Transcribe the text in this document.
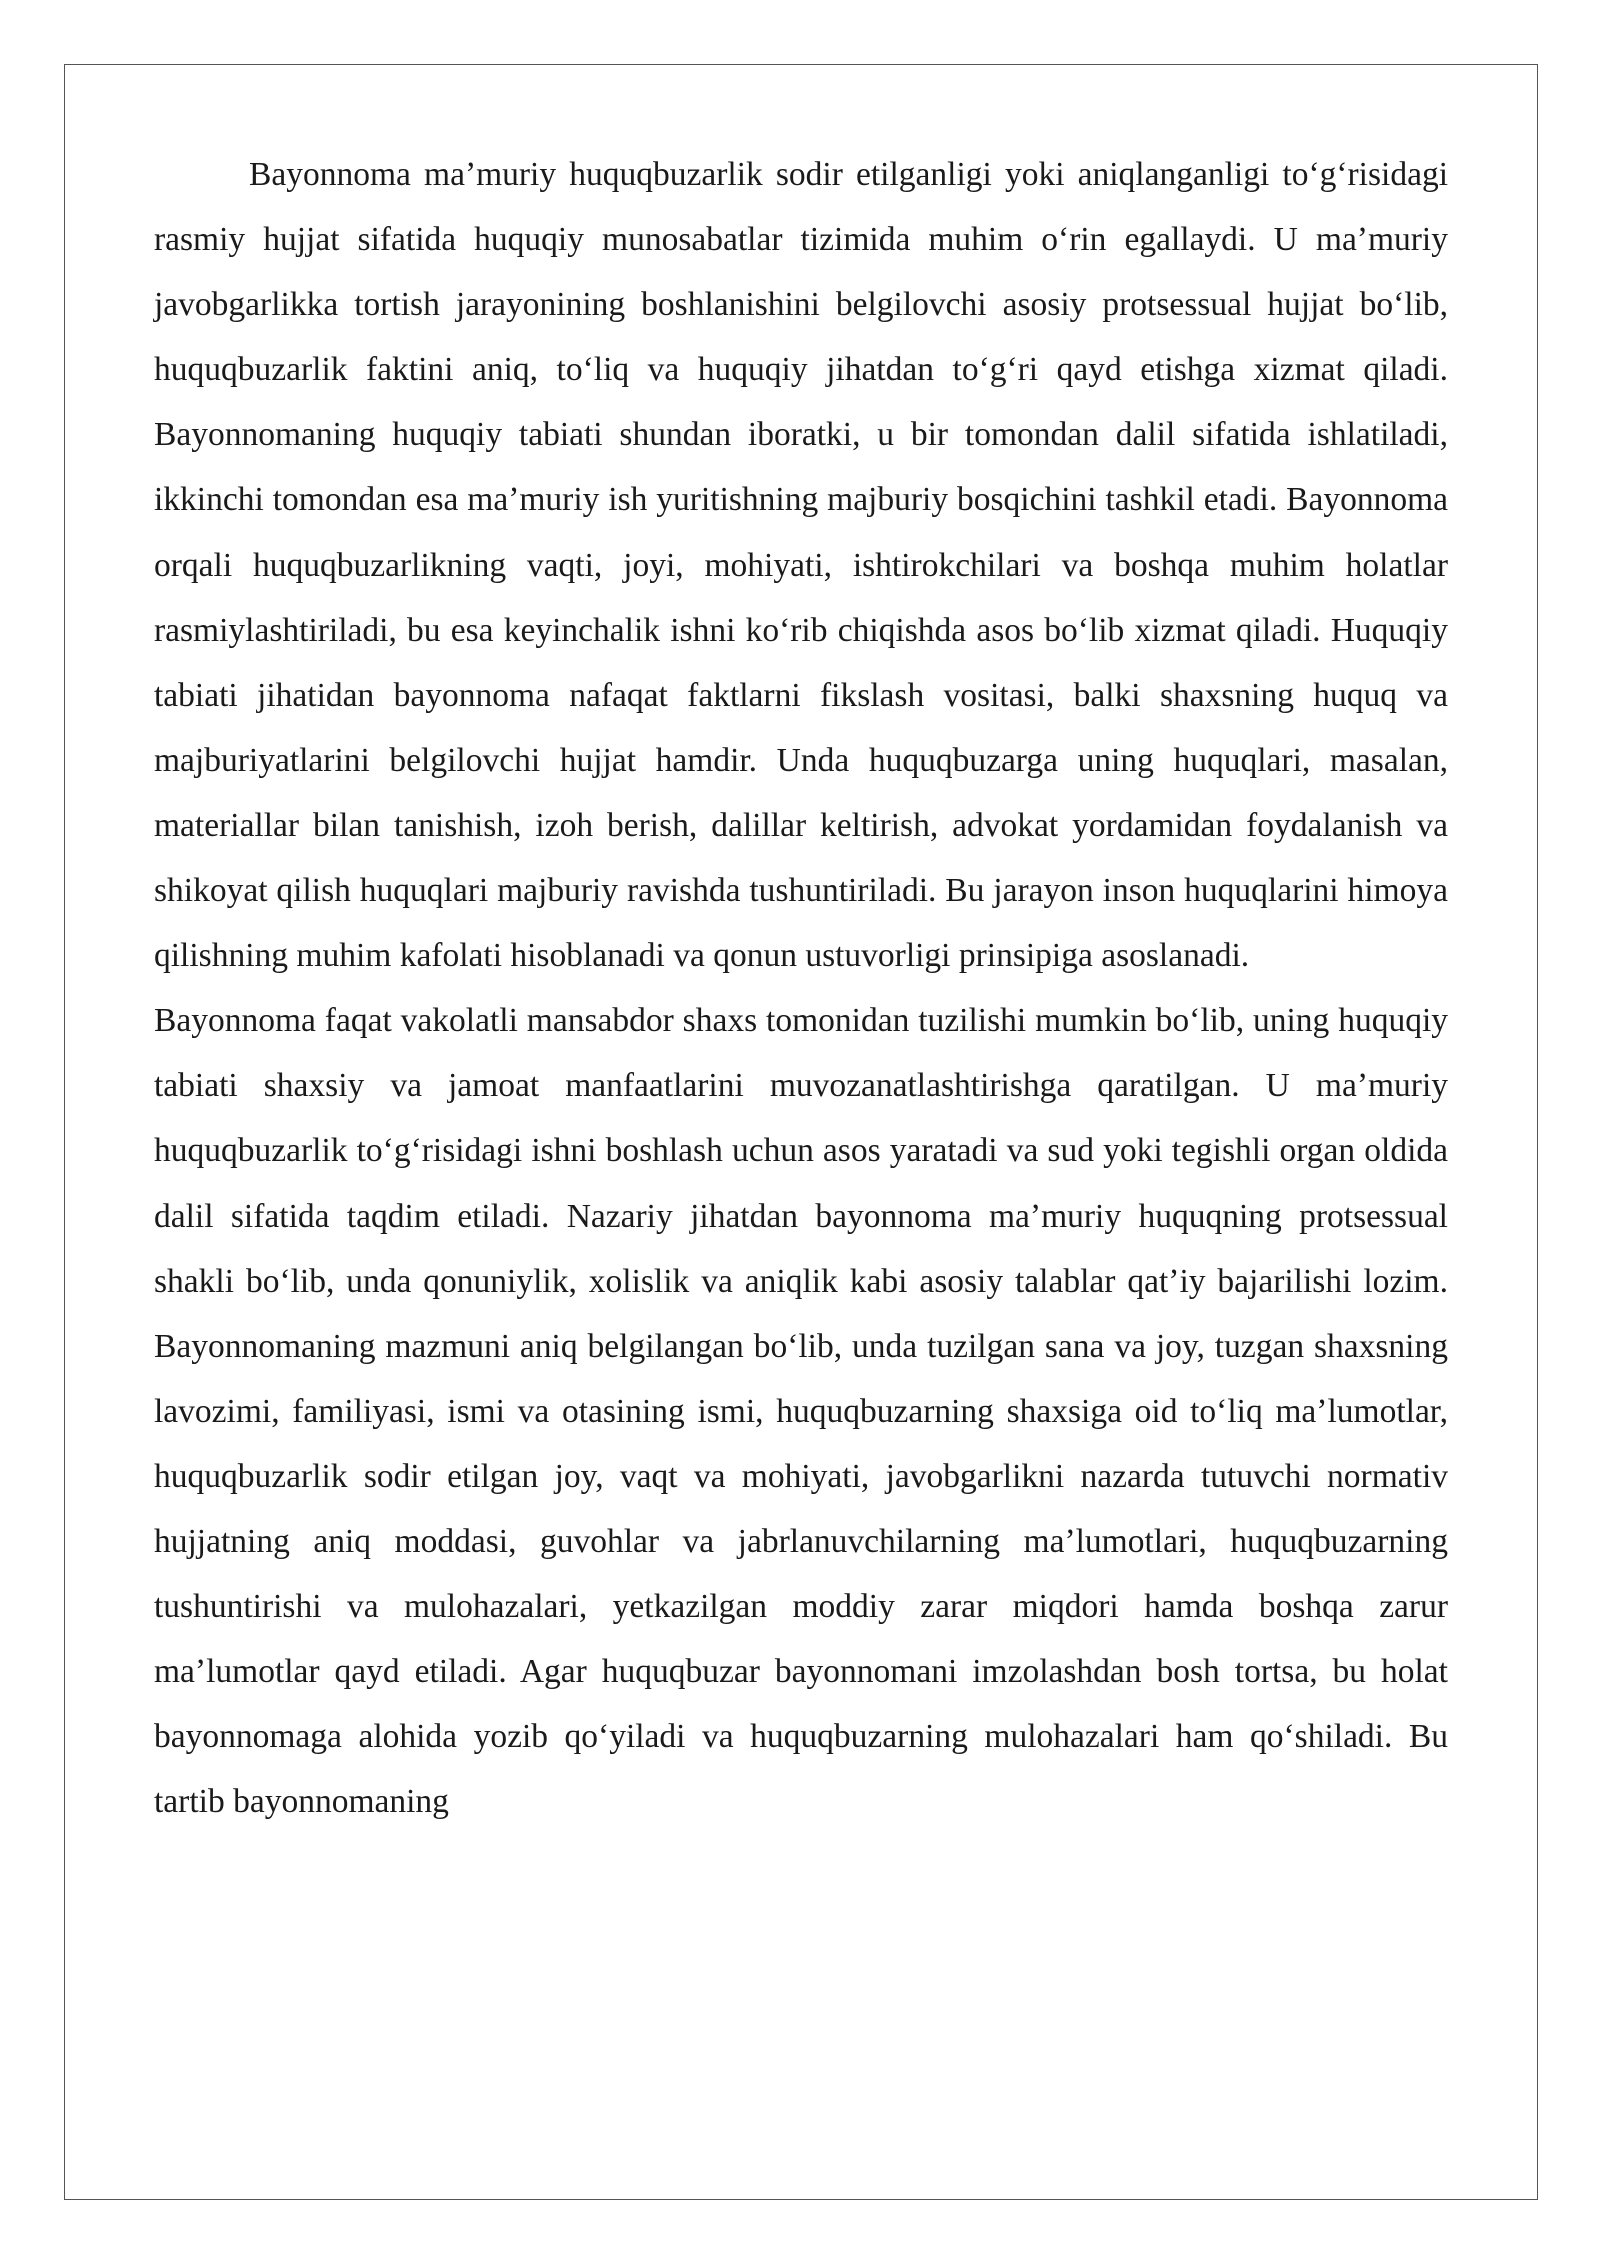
Bayonnoma maʼmuriy huquqbuzarlik sodir etilganligi yoki aniqlanganligi toʻgʻrisidagi rasmiy hujjat sifatida huquqiy munosabatlar tizimida muhim oʻrin egallaydi. U maʼmuriy javobgarlikka tortish jarayonining boshlanishini belgilovchi asosiy protsessual hujjat boʻlib, huquqbuzarlik faktini aniq, toʻliq va huquqiy jihatdan toʻgʻri qayd etishga xizmat qiladi. Bayonnomaning huquqiy tabiati shundan iboratki, u bir tomondan dalil sifatida ishlatiladi, ikkinchi tomondan esa maʼmuriy ish yuritishning majburiy bosqichini tashkil etadi. Bayonnoma orqali huquqbuzarlikning vaqti, joyi, mohiyati, ishtirokchilari va boshqa muhim holatlar rasmiylashtiriladi, bu esa keyinchalik ishni koʻrib chiqishda asos boʻlib xizmat qiladi. Huquqiy tabiati jihatidan bayonnoma nafaqat faktlarni fikslash vositasi, balki shaxsning huquq va majburiyatlarini belgilovchi hujjat hamdir. Unda huquqbuzarga uning huquqlari, masalan, materiallar bilan tanishish, izoh berish, dalillar keltirish, advokat yordamidan foydalanish va shikoyat qilish huquqlari majburiy ravishda tushuntiriladi. Bu jarayon inson huquqlarini himoya qilishning muhim kafolati hisoblanadi va qonun ustuvorligi prinsipiga asoslanadi.

Bayonnoma faqat vakolatli mansabdor shaxs tomonidan tuzilishi mumkin boʻlib, uning huquqiy tabiati shaxsiy va jamoat manfaatlarini muvozanatlashtirishga qaratilgan. U maʼmuriy huquqbuzarlik toʻgʻrisidagi ishni boshlash uchun asos yaratadi va sud yoki tegishli organ oldida dalil sifatida taqdim etiladi. Nazariy jihatdan bayonnoma maʼmuriy huquqning protsessual shakli boʻlib, unda qonuniylik, xolislik va aniqlik kabi asosiy talablar qatʼiy bajarilishi lozim. Bayonnomaning mazmuni aniq belgilangan boʻlib, unda tuzilgan sana va joy, tuzgan shaxsning lavozimi, familiyasi, ismi va otasining ismi, huquqbuzarning shaxsiga oid toʻliq maʼlumotlar, huquqbuzarlik sodir etilgan joy, vaqt va mohiyati, javobgarlikni nazarda tutuvchi normativ hujjatning aniq moddasi, guvohlar va jabrlanuvchilarning maʼlumotlari, huquqbuzarning tushuntirishi va mulohazalari, yetkazilgan moddiy zarar miqdori hamda boshqa zarur maʼlumotlar qayd etiladi. Agar huquqbuzar bayonnomani imzolashdan bosh tortsa, bu holat bayonnomaga alohida yozib qoʻyiladi va huquqbuzarning mulohazalari ham qoʻshiladi. Bu tartib bayonnomaning
